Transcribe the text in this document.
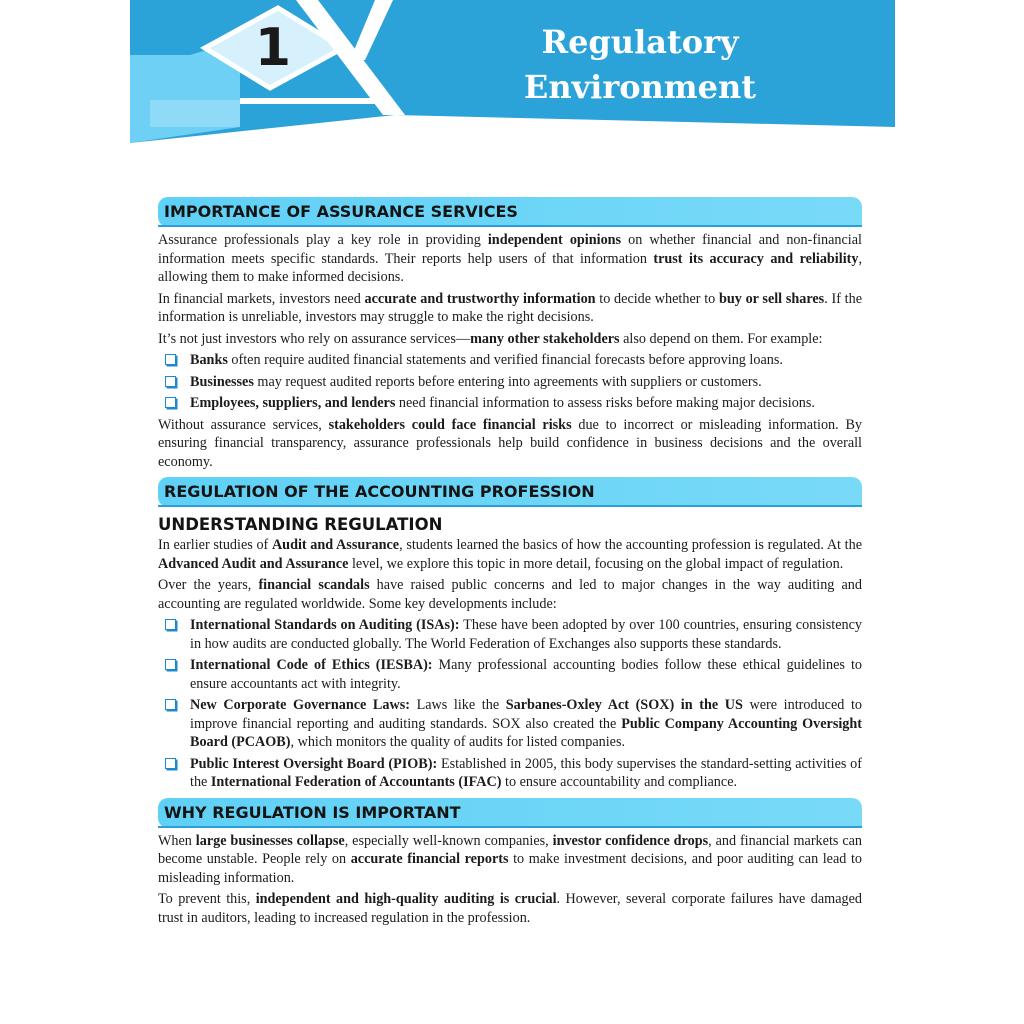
1	Regulatory
Environment
IMPORTANCE OF ASSURANCE SERVICES

Assurance professionals play a key role in providing independent opinions on whether financial and non-financial information meets specific standards. Their reports help users of that information trust its accuracy and reliability, allowing them to make informed decisions.

In financial markets, investors need accurate and trustworthy information to decide whether to buy or sell shares. If the information is unreliable, investors may struggle to make the right decisions.

It’s not just investors who rely on assurance services—many other stakeholders also depend on them. For example:

Banks often require audited financial statements and verified financial forecasts before approving loans.
Businesses may request audited reports before entering into agreements with suppliers or customers.
Employees, suppliers, and lenders need financial information to assess risks before making major decisions.

Without assurance services, stakeholders could face financial risks due to incorrect or misleading information. By ensuring financial transparency, assurance professionals help build confidence in business decisions and the overall economy.

REGULATION OF THE ACCOUNTING PROFESSION
UNDERSTANDING REGULATION

In earlier studies of Audit and Assurance, students learned the basics of how the accounting profession is regulated. At the Advanced Audit and Assurance level, we explore this topic in more detail, focusing on the global impact of regulation.

Over the years, financial scandals have raised public concerns and led to major changes in the way auditing and accounting are regulated worldwide. Some key developments include:

International Standards on Auditing (ISAs): These have been adopted by over 100 countries, ensuring consistency in how audits are conducted globally. The World Federation of Exchanges also supports these standards.
International Code of Ethics (IESBA): Many professional accounting bodies follow these ethical guidelines to ensure accountants act with integrity.
New Corporate Governance Laws: Laws like the Sarbanes-Oxley Act (SOX) in the US were introduced to improve financial reporting and auditing standards. SOX also created the Public Company Accounting Oversight Board (PCAOB), which monitors the quality of audits for listed companies.
Public Interest Oversight Board (PIOB): Established in 2005, this body supervises the standard-setting activities of the International Federation of Accountants (IFAC) to ensure accountability and compliance.
WHY REGULATION IS IMPORTANT

When large businesses collapse, especially well-known companies, investor confidence drops, and financial markets can become unstable. People rely on accurate financial reports to make investment decisions, and poor auditing can lead to misleading information.

To prevent this, independent and high-quality auditing is crucial. However, several corporate failures have damaged trust in auditors, leading to increased regulation in the profession.
